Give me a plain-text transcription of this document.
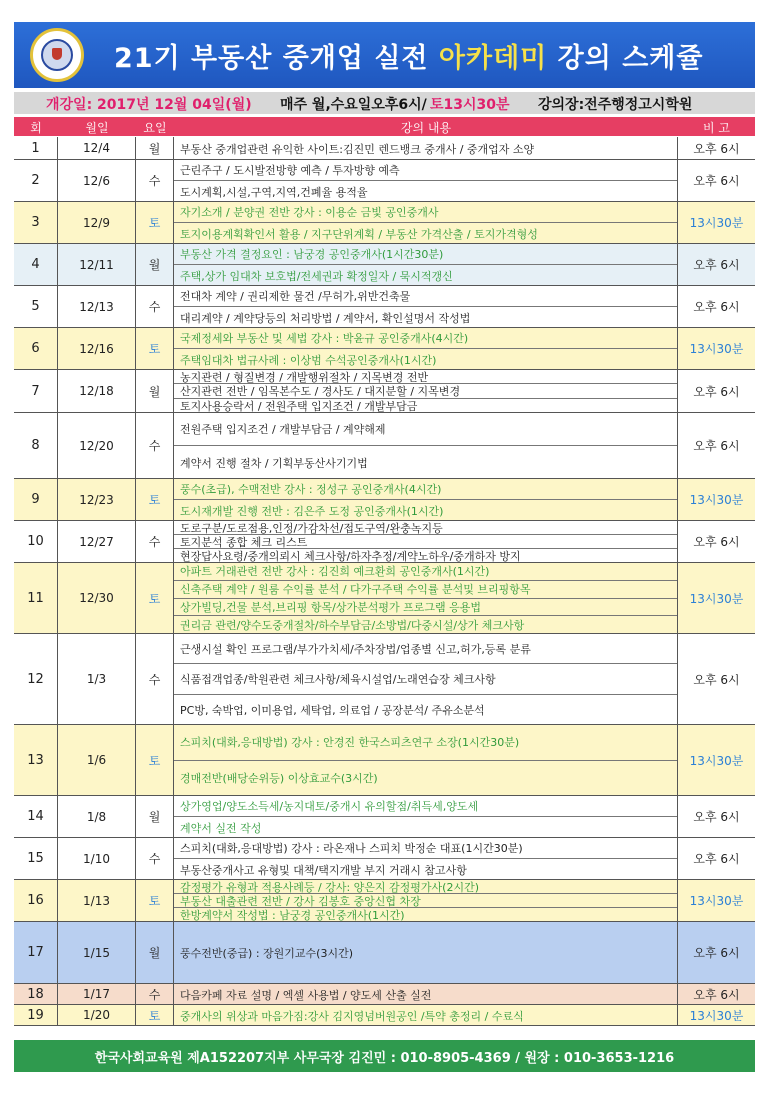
21기 부동산 중개업 실전 아카데미 강의 스케쥴
개강일: 2017년 12월 04일(월) 매주 월,수요일오후6시/ 토13시30분 강의장:전주행정고시학원
회	월일	요일	강의 내용	비 고
1	12/4	월	부동산 중개업관련 유익한 사이트:김진민 렌드뱅크 중개사 / 중개업자 소양	오후 6시
2	12/6	수
근린주구 / 도시발전방향 예측 / 투자방향 예측
도시계획,시설,구역,지역,건폐율 용적율
오후 6시
3	12/9	토
자기소개 / 분양권 전반 강사 : 이용순 금빛 공인중개사
토지이용계획확인서 활용 / 지구단위계획 / 부동산 가격산출 / 토지가격형성
13시30분
4	12/11	월
부동산 가격 결정요인 : 남궁경 공인중개사(1시간30분)
주택,상가 임대차 보호법/전세권과 확정일자 / 묵시적갱신
오후 6시
5	12/13	수
전대차 계약 / 권리제한 물건 /무허가,위반건축물
대리계약 / 계약당등의 처리방법 / 계약서, 확인설명서 작성법
오후 6시
6	12/16	토
국제정세와 부동산 및 세법 강사 : 박윤규 공인중개사(4시간)
주택임대차 법규사례 : 이상범 수석공인중개사(1시간)
13시30분
7	12/18	월
농지관련 / 형질변경 / 개발행위절차 / 지목변경 전반
산지관련 전반 / 임목본수도 / 경사도 / 대지분할 / 지목변경
토지사용승락서 / 전원주택 입지조건 / 개발부담금
오후 6시
8	12/20	수
전원주택 입지조건 / 개발부담금 / 계약해제
계약서 진행 절차 / 기획부동산사기기법
오후 6시
9	12/23	토
풍수(초급), 수맥전반 강사 : 정성구 공인중개사(4시간)
도시재개발 진행 전반 : 김은주 도정 공인중개사(1시간)
13시30분
10	12/27	수
도로구분/도로점용,인정/가감차선/접도구역/완충녹지등
토지분석 종합 체크 리스트
현장답사요령/중개의뢰시 체크사항/하자추정/계약노하우/중개하자 방지
오후 6시
11	12/30	토
아파트 거래관련 전반 강사 : 김진희 예크환희 공인중개사(1시간)
신축주택 계약 / 원룸 수익률 분석 / 다가구주택 수익률 분석및 브리핑항목
상가빌딩,건물 분석,브리핑 항목/상가분석평가 프로그램 응용법
권리금 관련/양수도중개절차/하수부담금/소방법/다중시설/상가 체크사항
13시30분
12	1/3	수
근생시설 확인 프로그램/부가가치세/주차장법/업종별 신고,허가,등록 분류
식품접객업종/학원관련 체크사항/체육시설업/노래연습장 체크사항
PC방, 숙박업, 이미용업, 세탁업, 의료업 / 공장분석/ 주유소분석
오후 6시
13	1/6	토
스피치(대화,응대방법) 강사 : 안경진 한국스피츠연구 소장(1시간30분)
경매전반(배당순위등) 이상효교수(3시간)
13시30분
14	1/8	월
상가영업/양도소득세/농지대토/중개시 유의할점/취득세,양도세
계약서 실전 작성
오후 6시
15	1/10	수
스피치(대화,응대방법) 강사 : 라온재나 스피치 박정순 대표(1시간30분)
부동산중개사고 유형및 대책/택지개발 부지 거래시 참고사항
오후 6시
16	1/13	토
감정평가 유형과 적용사례등 / 강사: 양은지 감정평가사(2시간)
부동산 대출관련 전반 / 강사 김봉호 중앙신협 차장
한방계약서 작성법 : 남궁경 공인중개사(1시간)
13시30분
17	1/15	월	풍수전반(중급) : 장원기교수(3시간)	오후 6시
18	1/17	수	다음카페 자료 설명 / 엑셀 사용법 / 양도세 산출 실전	오후 6시
19	1/20	토	중개사의 위상과 마음가짐:강사 김지영넘버원공인 /특약 총정리 / 수료식	13시30분
한국사회교육원 제A152207지부 사무국장 김진민 : 010-8905-4369 / 원장 : 010-3653-1216
